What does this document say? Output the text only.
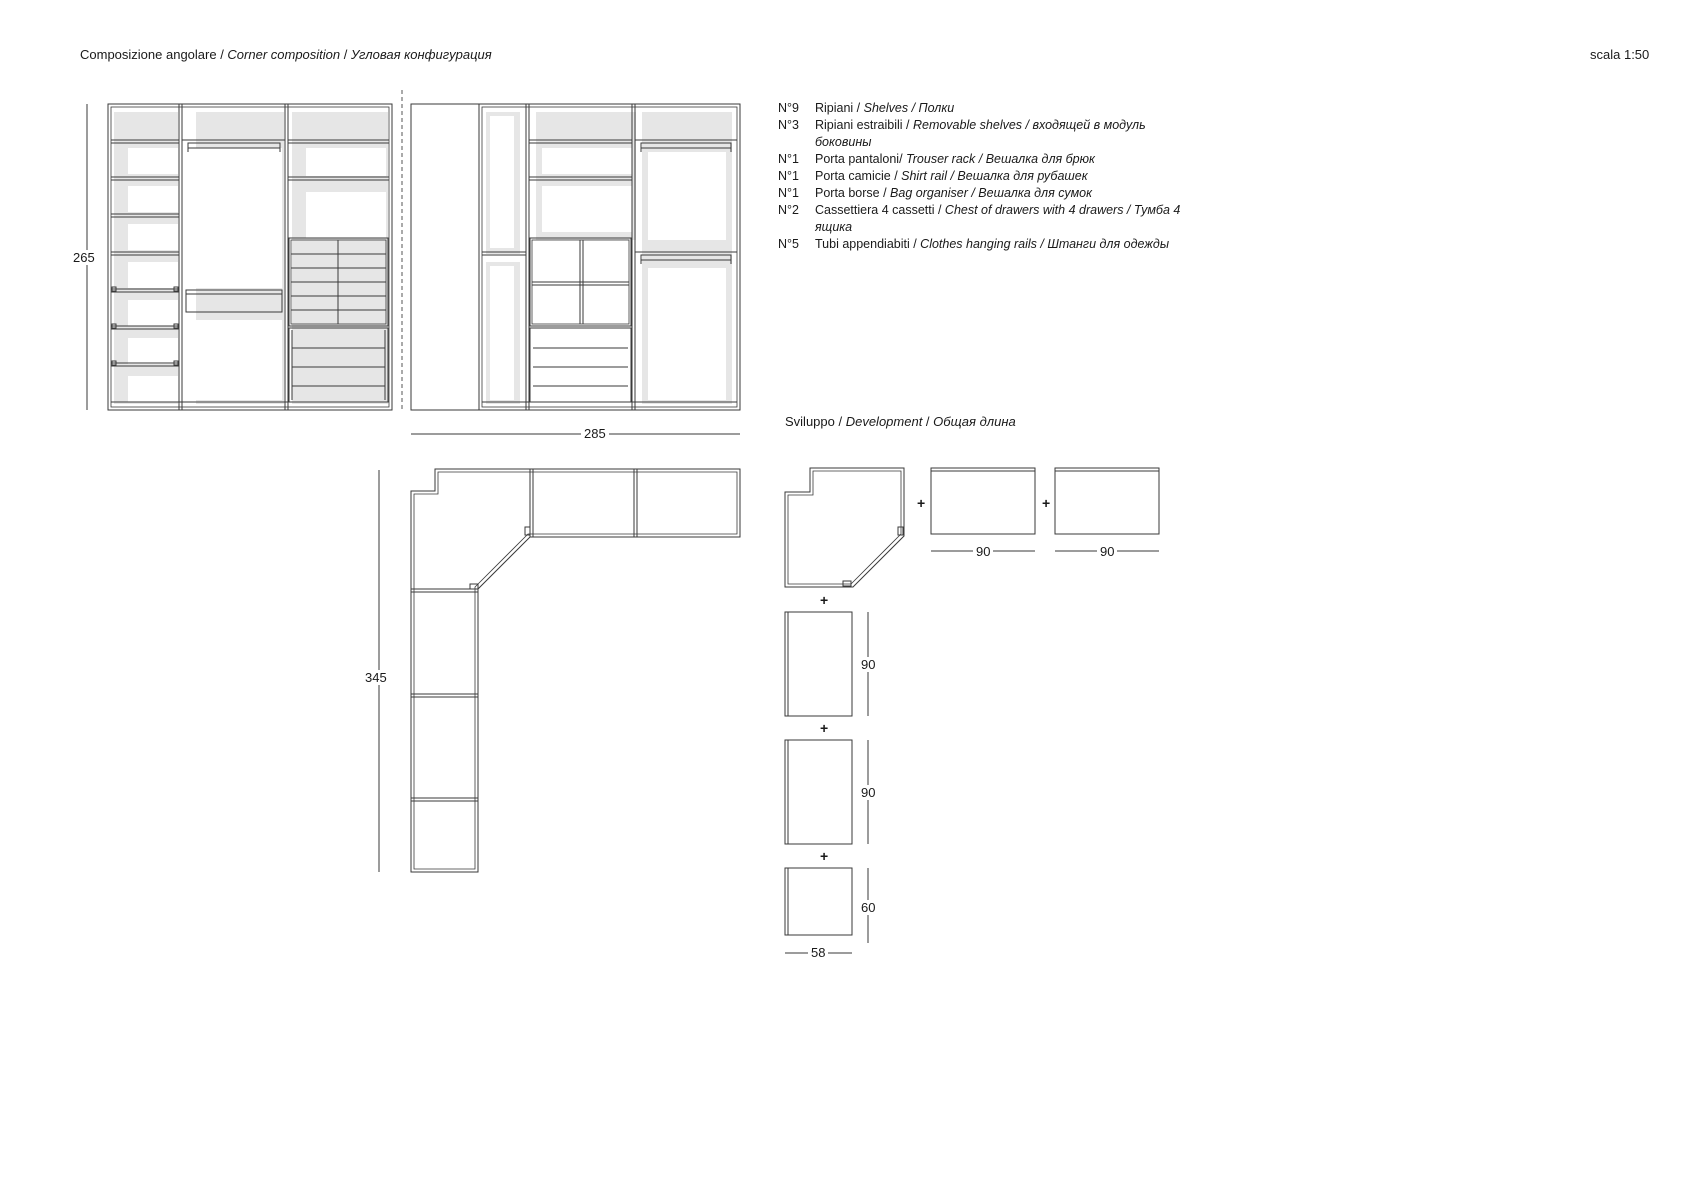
Composizione angolare / Corner composition / Угловая конфигурация	scala 1:50
265
285
345
90	90
90
90
60
58
+	+
+
+
+
N°9	Ripiani / Shelves / Полки
N°3	Ripiani estraibili / Removable shelves / входящей в модуль боковины
N°1	Porta pantaloni/ Trouser rack / Вешалка для брюк
N°1	Porta camicie / Shirt rail / Вешалка для рубашек
N°1	Porta borse / Bag organiser / Вешалка для сумок
N°2	Cassettiera 4 cassetti / Chest of drawers with 4 drawers / Тумба 4 ящика
N°5	Tubi appendiabiti / Clothes hanging rails / Штанги для одежды
Sviluppo / Development / Общая длина
